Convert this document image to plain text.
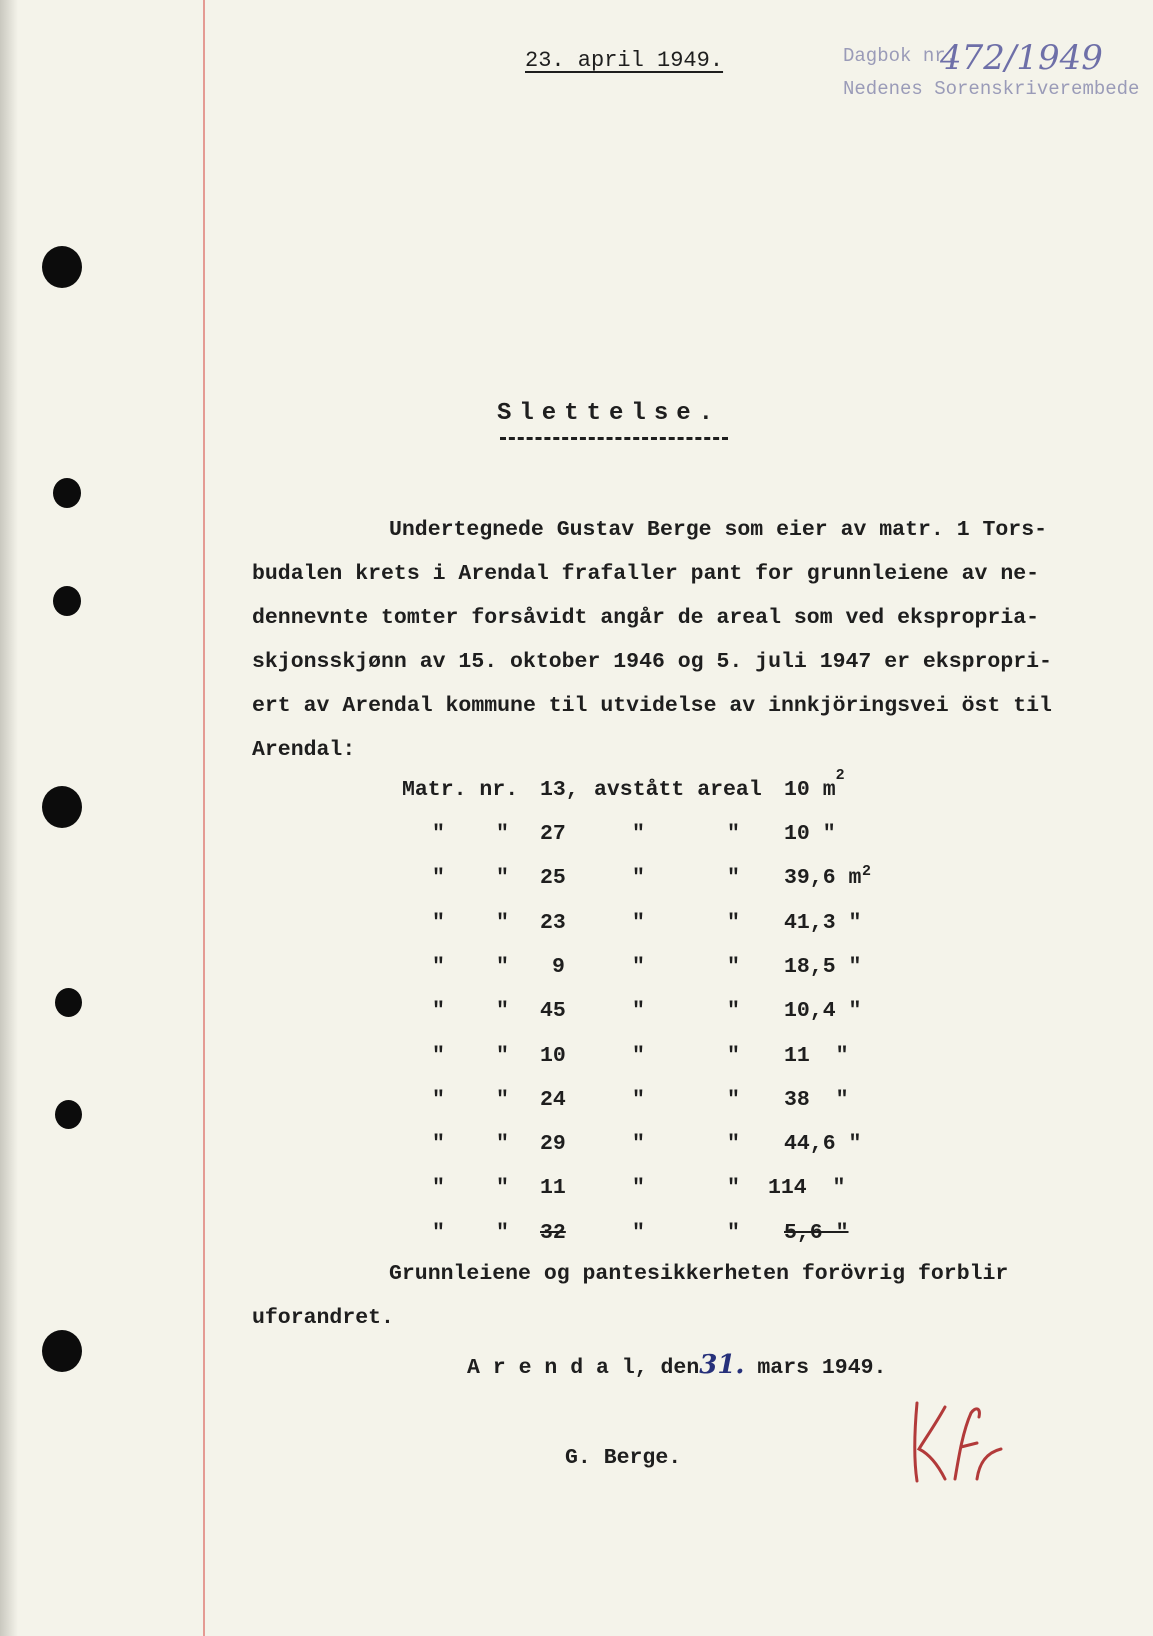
23. april 1949.	Dagbok nr.
472/1949
Nedenes Sorenskriverembede
Slettelse.
Undertegnede Gustav Berge som eier av matr. 1 Tors-
budalen krets i Arendal frafaller pant for grunnleiene av ne-
dennevnte tomter forsåvidt angår de areal som ved ekspropria-
skjonsskjønn av 15. oktober 1946 og 5. juli 1947 er ekspropri-
ert av Arendal kommune til utvidelse av innkjöringsvei öst til
Arendal:
Matr. nr. 13, avstått areal 10 $m^2$
" " 27	"	" 10 "
" " 25	"	" 39,6 m $^2$
" " 23	"	" 41,3 "
" " 9	"	" 18,5 "
" " 45	"	" 10,4 "
" " 10	"	" 11  "
" " 24	"	" 38  "
" " 29	"	" 44,6 "
" " 11	"	" 114  "
" " 32	"	" 5,6 "
Grunnleiene og pantesikkerheten forövrig forblir
uforandret.
A r e n d a l, den31. mars 1949.
G. Berge.
Kfr
